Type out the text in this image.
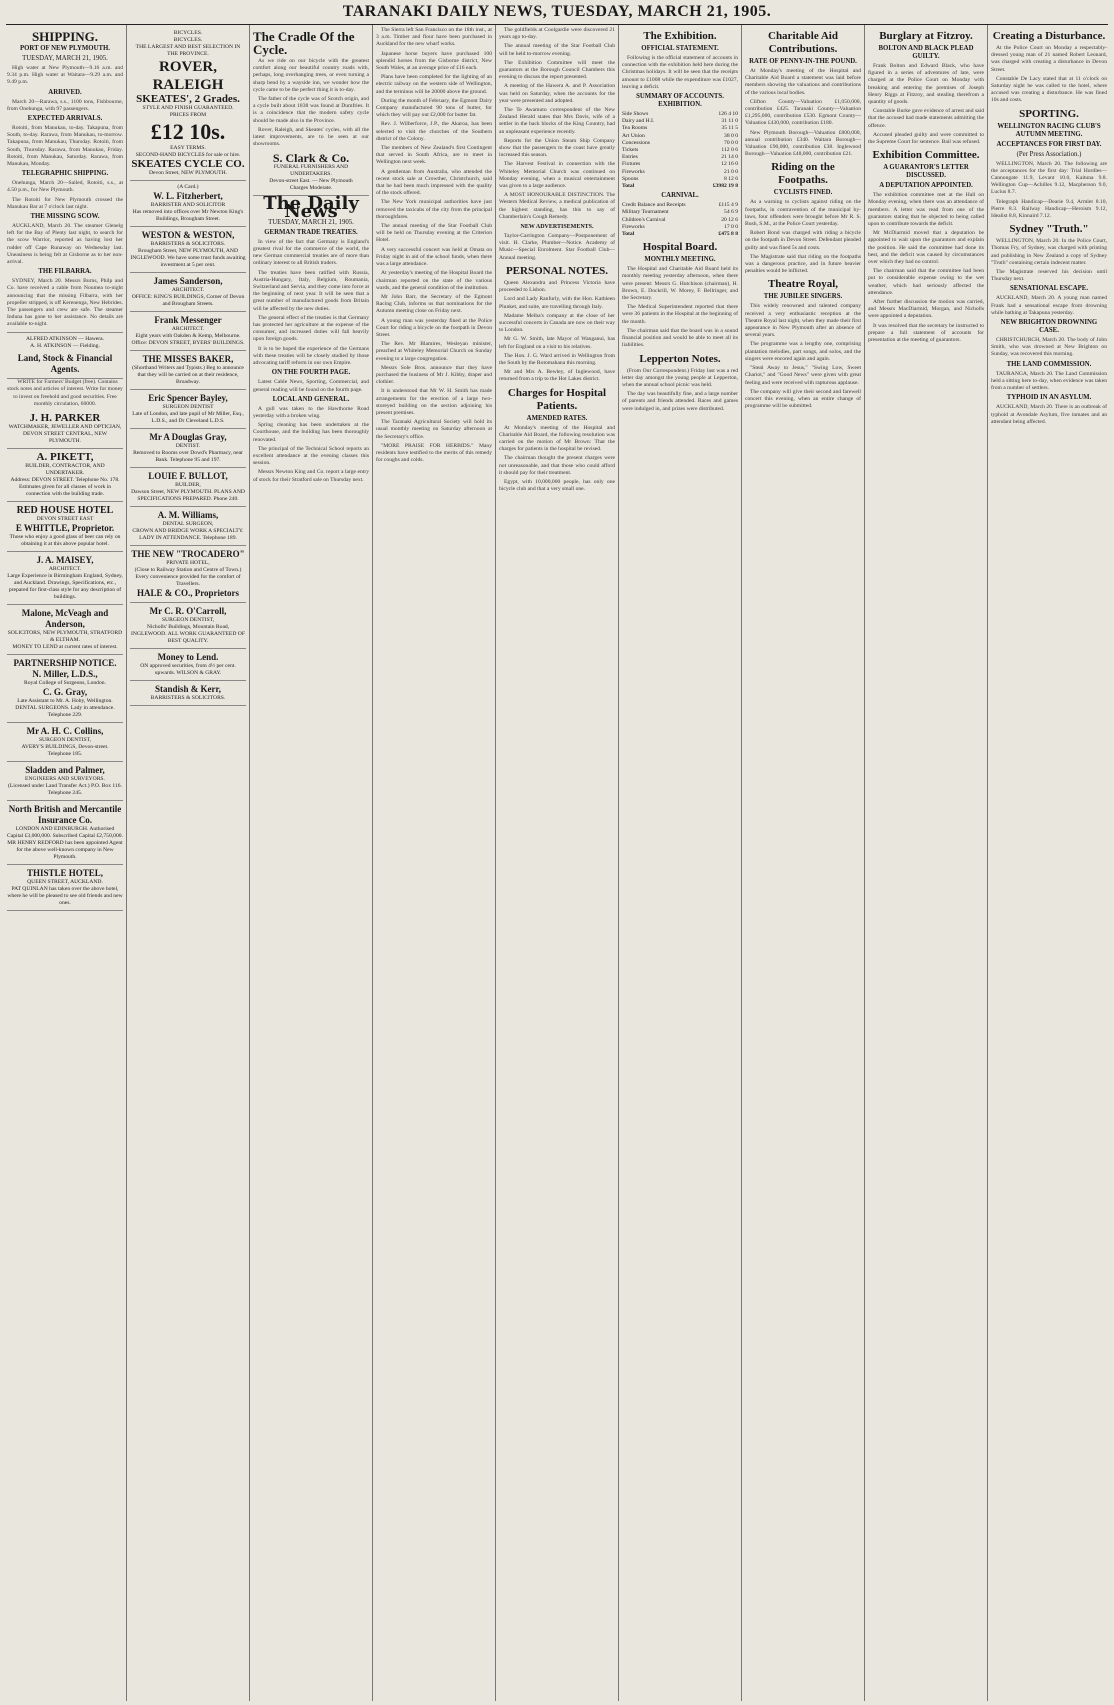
TARANAKI DAILY NEWS, TUESDAY, MARCH 21, 1905.
SHIPPING.
PORT OF NEW PLYMOUTH.
TUESDAY, MARCH 21, 1905.

High water at New Plymouth—9.16 a.m. and 9.34 p.m. High water at Waitara—9.29 a.m. and 9.49 p.m.

ARRIVED.

March 20—Rarawa, s.s., 1100 tons, Fishbourne, from Onehunga, with 97 passengers.

EXPECTED ARRIVALS.

Rotoiti, from Manukau, to-day. Takapuna, from South, to-day. Rarawa, from Manukau, to-morrow. Takapuna, from Manukau, Thursday. Rotoiti, from South, Thursday. Rarawa, from Manukau, Friday. Rotoiti, from Manukau, Saturday. Rarawa, from Manukau, Monday.

TELEGRAPHIC SHIPPING.

Onehunga, March 20—Sailed, Rotoiti, s.s., at 4.50 p.m., for New Plymouth.

The Rotoiti for New Plymouth crossed the Manukau Bar at 7 o'clock last night.

THE MISSING SCOW.

AUCKLAND, March 20. The steamer Glenelg left for the Bay of Plenty last night, to search for the scow Warrior, reported as having lost her rudder off Cape Runaway on Wednesday last. Uneasiness is being felt at Gisborne as to her non-arrival.

THE FILBARRA.

SYDNEY, March 20. Messrs Burns, Philp and Co. have received a cable from Noumea to-night announcing that the missing Filbarra, with her propeller stripped, is off Kerenenga, New Hebrides. The passengers and crew are safe. The steamer Induna has gone to her assistance. No details are available to-night.

ALFRED ATKINSON — Hawera.
A. H. ATKINSON — Fielding.
Land, Stock & Financial Agents.

WRITE for Farmers' Budget (free). Contains stock notes and articles of interest. Write for money to invest on freehold and good securities. Free monthly circulation, 60000.

J. H. PARKER
WATCHMAKER, JEWELLER AND OPTICIAN,
DEVON STREET CENTRAL, NEW PLYMOUTH.
A. PIKETT,
BUILDER, CONTRACTOR, AND UNDERTAKER.
Address: DEVON STREET. Telephone No. 178. Estimates given for all classes of work in connection with the building trade.
RED HOUSE HOTEL
DEVON STREET EAST
E WHITTLE, Proprietor.
Those who enjoy a good glass of beer can rely on obtaining it at this above popular hotel.
J. A. MAISEY,
ARCHITECT.
Large Experience in Birmingham England, Sydney, and Auckland. Drawings, Specifications, etc., prepared for first-class style for any description of buildings.
Malone, McVeagh and Anderson,
SOLICITORS, NEW PLYMOUTH, STRATFORD & ELTHAM.
MONEY TO LEND at current rates of interest.
PARTNERSHIP NOTICE.
N. Miller, L.D.S.,
Royal College of Surgeons, London.
C. G. Gray,
Late Assistant to Mr. A. Hoby, Wellington. DENTAL SURGEONS. Lady in attendance. Telephone 229.
Mr A. H. C. Collins,
SURGEON DENTIST,
AVERY'S BUILDINGS, Devon-street.
Telephone 185.
Sladden and Palmer,
ENGINEERS AND SURVEYORS.
(Licensed under Land Transfer Act.) P.O. Box 116. Telephone 245.
North British and Mercantile Insurance Co.
LONDON AND EDINBURGH. Authorised Capital £3,000,000. Subscribed Capital £2,750,000.
MR HENRY REDFORD has been appointed Agent for the above well-known company in New Plymouth.
THISTLE HOTEL,
QUEEN STREET, AUCKLAND.
PAT QUINLAN has taken over the above hotel, where he will be pleased to see old friends and new ones.
BICYCLES.
BICYCLES.
THE LARGEST AND BEST SELECTION IN THE PROVINCE.
ROVER,
RALEIGH
SKEATES', 2 Grades.
STYLE AND FINISH GUARANTEED.
PRICES FROM
£12 10s.
EASY TERMS.
SECOND-HAND BICYCLES for sale or hire.
SKEATES CYCLE CO.
Devon Street, NEW PLYMOUTH.
(A Card.)
W. L. Fitzherbert,
BARRISTER AND SOLICITOR
Has removed into offices over Mr Newton King's Buildings, Brougham Street.
WESTON & WESTON,
BARRISTERS & SOLICITORS.
Brougham Street, NEW PLYMOUTH, AND INGLEWOOD. We have some trust funds awaiting investment at 5 per cent.
James Sanderson,
ARCHITECT.
OFFICE: KING'S BUILDINGS, Corner of Devon and Brougham Streets.
Frank Messenger
ARCHITECT.
Eight years with Oakden & Kemp, Melbourne. Office: DEVON STREET, BYERS' BUILDINGS.
THE MISSES BAKER,
(Shorthand Writers and Typists.) Beg to announce that they will be carried on at their residence, Broadway.
Eric Spencer Bayley,
SURGEON DENTIST
Late of London, and late pupil of Mr Miller, Esq., L.D.S., and Dr Cleveland L.D.S.
Mr A Douglas Gray,
DENTIST.
Removed to Rooms over Dowd's Pharmacy, near Bank. Telephone 95 and 197.
LOUIE F. BULLOT,
BUILDER,
Dawson Street, NEW PLYMOUTH. PLANS AND SPECIFICATIONS PREPARED. Phone 240.
A. M. Williams,
DENTAL SURGEON,
CROWN AND BRIDGE WORK A SPECIALTY. LADY IN ATTENDANCE. Telephone 189.
THE NEW "TROCADERO"
PRIVATE HOTEL,
(Close to Railway Station and Centre of Town.) Every convenience provided for the comfort of Travellers.
HALE & CO., Proprietors
Mr C. R. O'Carroll,
SURGEON DENTIST,
Nicholls' Buildings, Mountain Road, INGLEWOOD. ALL WORK GUARANTEED OF BEST QUALITY.
Money to Lend.
ON approved securities, from 4½ per cent. upwards. WILSON & GRAY.
Standish & Kerr,
BARRISTERS & SOLICITORS.
The Cradle Of the Cycle.

As we ride on our bicycle with the greatest comfort along our beautiful country roads with, perhaps, long overhanging trees, or even turning a sharp bend by a wayside inn, we wonder how the cycle came to be the perfect thing it is to-day.

The father of the cycle was of Scotch origin, and a cycle built about 1838 was found at Dumfries. It is a coincidence that the modern safety cycle should be made also in the Province.

Rover, Raleigh, and Skeates' cycles, with all the latest improvements, are to be seen at our showrooms.

S. Clark & Co.
FUNERAL FURNISHERS AND UNDERTAKERS.
Devon-street East. — New Plymouth
Charges Moderate.
The Daily News
TUESDAY, MARCH 21, 1905.
GERMAN TRADE TREATIES.

In view of the fact that Germany is England's greatest rival for the commerce of the world, the new German commercial treaties are of more than ordinary interest to all British traders.

The treaties have been ratified with Russia, Austria-Hungary, Italy, Belgium, Roumania, Switzerland and Servia, and they come into force at the beginning of next year. It will be seen that a great number of manufactured goods from Britain will be affected by the new duties.

The general effect of the treaties is that Germany has protected her agriculture at the expense of the consumer, and increased duties will fall heavily upon foreign goods.

It is to be hoped the experience of the Germans with these treaties will be closely studied by those advocating tariff reform in our own Empire.

ON THE FOURTH PAGE.

Latest Cable News, Sporting, Commercial, and general reading will be found on the fourth page.

LOCAL AND GENERAL.

A gull was taken to the Hawthorne Road yesterday with a broken wing.

Spring cleaning has been undertaken at the Courthouse, and the building has been thoroughly renovated.

The principal of the Technical School reports an excellent attendance at the evening classes this session.

Messrs Newton King and Co. report a large entry of stock for their Stratford sale on Thursday next.

The Sierra left San Francisco on the 18th inst., at 3 a.m. Timber and flour have been purchased in Auckland for the new wharf works.

Japanese horse buyers have purchased 100 splendid horses from the Gisborne district, New South Wales, at an average price of £16 each.

Plans have been completed for the lighting of an electric railway on the western side of Wellington, and the terminus will be 20000 above the ground.

During the month of February, the Egmont Dairy Company manufactured 90 tons of butter, for which they will pay out £2,000 for butter fat.

Rev. J. Wilberforce, J.P., the Akaroa, has been selected to visit the churches of the Southern district of the Colony.

The members of New Zealand's first Contingent that served in South Africa, are to meet in Wellington next week.

A gentleman from Australia, who attended the recent stock sale at Crowther, Christchurch, said that he had been much impressed with the quality of the stock offered.

The New York municipal authorities have just removed the taxicabs of the city from the principal thoroughfares.

The annual meeting of the Star Football Club will be held on Thursday evening at the Criterion Hotel.

A very successful concert was held at Omata on Friday night in aid of the school funds, when there was a large attendance.

At yesterday's meeting of the Hospital Board the chairman reported on the state of the various wards, and the general condition of the institution.

Mr John Barr, the Secretary of the Egmont Racing Club, informs us that nominations for the Autumn meeting close on Friday next.

A young man was yesterday fined at the Police Court for riding a bicycle on the footpath in Devon Street.

The Rev. Mr Blamires, Wesleyan minister, preached at Whiteley Memorial Church on Sunday evening to a large congregation.

Messrs Sole Bros. announce that they have purchased the business of Mr J. Kibby, draper and clothier.

It is understood that Mr W. H. Smith has made arrangements for the erection of a large two-storeyed building on the section adjoining his present premises.

The Taranaki Agricultural Society will hold its usual monthly meeting on Saturday afternoon at the Secretary's office.

"MORE PRAISE FOR HERBIDS." Many residents have testified to the merits of this remedy for coughs and colds.

The goldfields at Coolgardie were discovered 21 years ago to-day.

The annual meeting of the Star Football Club will be held to-morrow evening.

The Exhibition Committee will meet the guarantors at the Borough Council Chambers this evening to discuss the report presented.

A meeting of the Hawera A. and P. Association was held on Saturday, when the accounts for the year were presented and adopted.

The Te Awamutu correspondent of the New Zealand Herald states that Mrs Davis, wife of a settler in the back blocks of the King Country, had an unpleasant experience recently.

Reports for the Union Steam Ship Company show that the passengers to the coast have greatly increased this season.

The Harvest Festival in connection with the Whiteley Memorial Church was continued on Monday evening, when a musical entertainment was given to a large audience.

A MOST HONOURABLE DISTINCTION. The Western Medical Review, a medical publication of the highest standing, has this to say of Chamberlain's Cough Remedy.

NEW ADVERTISEMENTS.

Taylor-Carrington Company—Postponement of visit. H. Clarke, Plumber—Notice. Academy of Music—Special Enrolment. Star Football Club—Annual meeting.

PERSONAL NOTES.

Queen Alexandra and Princess Victoria have proceeded to Lisbon.

Lord and Lady Ranfurly, with the Hon. Kathleen Plunket, and suite, are travelling through Italy.

Madame Melba's company at the close of her successful concerts in Canada are now on their way to London.

Mr G. W. Smith, late Mayor of Wanganui, has left for England on a visit to his relatives.

The Hon. J. G. Ward arrived in Wellington from the South by the Rotomahana this morning.

Mr and Mrs A. Bewley, of Inglewood, have returned from a trip to the Hot Lakes district.

Charges for Hospital Patients.
AMENDED RATES.

At Monday's meeting of the Hospital and Charitable Aid Board, the following resolution was carried on the motion of Mr Brown: That the charges for patients in the hospital be revised.

The chairman thought the present charges were not unreasonable, and that those who could afford it should pay for their treatment.

Egypt, with 10,000,000 people, has only one bicycle club and that a very small one.

The Exhibition.
OFFICIAL STATEMENT.

Following is the official statement of accounts in connection with the exhibition held here during the Christmas holidays. It will be seen that the receipts amount to £1008 while the expenditure was £1027, leaving a deficit.

SUMMARY OF ACCOUNTS. EXHIBITION.
Side Shows	126 4 10
Dairy and H.I.	31 11 0
Tea Rooms	35 11 5
Art Union	38 0 0
Concessions	70 0 0
Tickets	112 0 6
Entries	21 14 0
Fixtures	12 16 0
Fireworks	21 0 0
Spoons	8 12 6
Total	£3982 19 8
CARNIVAL.
Credit Balance and Receipts	£115 4 9
Military Tournament	54 6 9
Children's Carnival	20 12 6
Fireworks	17 0 0
Total	£475 8 8
Hospital Board.
MONTHLY MEETING.

The Hospital and Charitable Aid Board held its monthly meeting yesterday afternoon, when there were present: Messrs G. Hutchison (chairman), H. Brown, E. Dockrill, W. Morey, F. Bellringer, and the Secretary.

The Medical Superintendent reported that there were 36 patients in the Hospital at the beginning of the month.

The chairman said that the board was in a sound financial position and would be able to meet all its liabilities.

Lepperton Notes.

(From Our Correspondent.) Friday last was a red letter day amongst the young people at Lepperton, when the annual school picnic was held.

The day was beautifully fine, and a large number of parents and friends attended. Races and games were indulged in, and prizes were distributed.

Charitable Aid Contributions.
RATE OF PENNY-IN-THE POUND.

At Monday's meeting of the Hospital and Charitable Aid Board a statement was laid before members showing the valuations and contributions of the various local bodies.

Clifton County—Valuation £1,050,000, contribution £425. Taranaki County—Valuation £1,295,000, contribution £530. Egmont County—Valuation £430,000, contribution £180.

New Plymouth Borough—Valuation £800,000, annual contribution £340. Waitara Borough—Valuation £90,000, contribution £38. Inglewood Borough—Valuation £48,000, contribution £21.

Riding on the Footpaths.
CYCLISTS FINED.

As a warning to cyclists against riding on the footpaths, in contravention of the municipal by-laws, four offenders were brought before Mr R. S. Bush, S.M., at the Police Court yesterday.

Robert Bond was charged with riding a bicycle on the footpath in Devon Street. Defendant pleaded guilty and was fined 5s and costs.

The Magistrate said that riding on the footpaths was a dangerous practice, and in future heavier penalties would be inflicted.

Theatre Royal,
THE JUBILEE SINGERS.

This widely renowned and talented company received a very enthusiastic reception at the Theatre Royal last night, when they made their first appearance in New Plymouth after an absence of several years.

The programme was a lengthy one, comprising plantation melodies, part songs, and solos, and the singers were encored again and again.

"Steal Away to Jesus," "Swing Low, Sweet Chariot," and "Good News" were given with great feeling and were received with rapturous applause.

The company will give their second and farewell concert this evening, when an entire change of programme will be submitted.

Burglary at Fitzroy.
BOLTON AND BLACK PLEAD GUILTY.

Frank Bolton and Edward Black, who have figured in a series of adventures of late, were charged at the Police Court on Monday with breaking and entering the premises of Joseph Henry Riggs at Fitzroy, and stealing therefrom a quantity of goods.

Constable Burke gave evidence of arrest and said that the accused had made statements admitting the offence.

Accused pleaded guilty and were committed to the Supreme Court for sentence. Bail was refused.

Exhibition Committee.
A GUARANTOR'S LETTER DISCUSSED.
A DEPUTATION APPOINTED.

The exhibition committee met at the Hall on Monday evening, when there was an attendance of members. A letter was read from one of the guarantors stating that he objected to being called upon to contribute towards the deficit.

Mr McDiarmid moved that a deputation be appointed to wait upon the guarantors and explain the position. He said the committee had done its best, and the deficit was caused by circumstances over which they had no control.

The chairman said that the committee had been put to considerable expense owing to the wet weather, which had seriously affected the attendance.

After further discussion the motion was carried, and Messrs MacDiarmid, Morgan, and Nicholls were appointed a deputation.

It was resolved that the secretary be instructed to prepare a full statement of accounts for presentation at the meeting of guarantors.

Creating a Disturbance.

At the Police Court on Monday a respectably-dressed young man of 21 named Robert Leonard, was charged with creating a disturbance in Devon Street.

Constable De Lacy stated that at 11 o'clock on Saturday night he was called to the hotel, where accused was creating a disturbance. He was fined 10s and costs.

SPORTING.
WELLINGTON RACING CLUB'S AUTUMN MEETING.
ACCEPTANCES FOR FIRST DAY.
(Per Press Association.)

WELLINGTON, March 20. The following are the acceptances for the first day: Trial Hurdles—Cannongate 11.9, Levant 10.0, Kaituna 9.8. Wellington Cup—Achilles 9.12, Macpherson 9.0, Lucius 8.7.

Telegraph Handicap—Dearie 9.4, Armlet 8.10, Pierre 8.3. Railway Handicap—Heroism 9.12, Idealist 8.8, Kinnaird 7.12.

Sydney "Truth."

WELLINGTON, March 20. In the Police Court, Thomas Fry, of Sydney, was charged with printing and publishing in New Zealand a copy of Sydney "Truth" containing certain indecent matter.

The Magistrate reserved his decision until Thursday next.

SENSATIONAL ESCAPE.

AUCKLAND, March 20. A young man named Frank had a sensational escape from drowning while bathing at Takapuna yesterday.

NEW BRIGHTON DROWNING CASE.

CHRISTCHURCH, March 20. The body of John Smith, who was drowned at New Brighton on Sunday, was recovered this morning.

THE LAND COMMISSION.

TAURANGA, March 20. The Land Commission held a sitting here to-day, when evidence was taken from a number of settlers.

TYPHOID IN AN ASYLUM.

AUCKLAND, March 20. There is an outbreak of typhoid at Avondale Asylum, five inmates and an attendant being affected.
